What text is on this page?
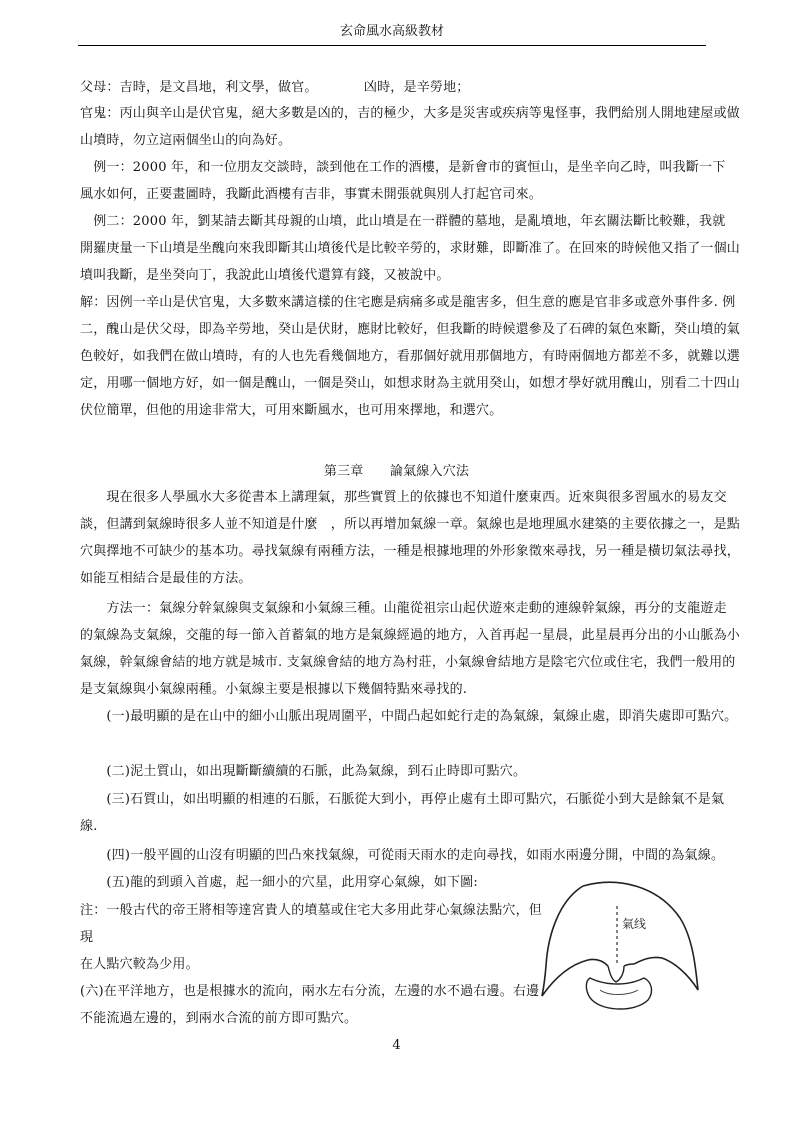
玄命風水高級教材
父母：吉時，是文昌地，利文學，做官。　　　　凶時，是辛勞地；
官鬼：丙山與辛山是伏官鬼，絕大多數是凶的，吉的極少，大多是災害或疾病等鬼怪事，我們給別人開地建屋或做
山墳時，勿立這兩個坐山的向為好。
　例一：2000 年，和一位朋友交談時，談到他在工作的酒樓，是新會市的賓恒山，是坐辛向乙時，叫我斷一下
風水如何，正要畫圖時，我斷此酒樓有吉非，事實未開張就與別人打起官司來。
　例二：2000 年，劉某請去斷其母親的山墳，此山墳是在一群體的墓地，是亂墳地，年玄關法斷比較難，我就
開羅庚量一下山墳是坐醜向來我即斷其山墳後代是比較辛勞的，求財難，即斷准了。在回來的時候他又指了一個山
墳叫我斷，是坐癸向丁，我說此山墳後代還算有錢，又被說中。
解：因例一辛山是伏官鬼，大多數來講這樣的住宅應是病痛多或是龍害多，但生意的應是官非多或意外事件多. 例
二，醜山是伏父母，即為辛勞地，癸山是伏財，應財比較好，但我斷的時候還參及了石碑的氣色來斷，癸山墳的氣
色較好，如我們在做山墳時，有的人也先看幾個地方，看那個好就用那個地方，有時兩個地方都差不多，就難以選
定，用哪一個地方好，如一個是醜山，一個是癸山，如想求財為主就用癸山，如想才學好就用醜山，別看二十四山
伏位簡單，但他的用途非常大，可用來斷風水，也可用來擇地，和選穴。
第三章　　論氣線入穴法
　　現在很多人學風水大多從書本上講理氣，那些實質上的依據也不知道什麼東西。近來與很多習風水的易友交
談，但講到氣線時很多人並不知道是什麼　，所以再增加氣線一章。氣線也是地理風水建築的主要依據之一，是點
穴與擇地不可缺少的基本功。尋找氣線有兩種方法，一種是根據地理的外形象徵來尋找，另一種是橫切氣法尋找，
如能互相結合是最佳的方法。
　　方法一：氣線分幹氣線與支氣線和小氣線三種。山龍從祖宗山起伏遊來走動的連線幹氣線，再分的支龍遊走
的氣線為支氣線，交龍的每一節入首蓄氣的地方是氣線經過的地方，入首再起一星晨，此星晨再分出的小山脈為小
氣線，幹氣線會結的地方就是城市. 支氣線會結的地方為村莊，小氣線會結地方是陰宅穴位或住宅，我們一般用的
是支氣線與小氣線兩種。小氣線主要是根據以下幾個特點來尋找的.
　　(一)最明顯的是在山中的細小山脈出現周圍平，中間凸起如蛇行走的為氣線，氣線止處，即消失處即可點穴。
　　(二)泥土質山，如出現斷斷續續的石脈，此為氣線，到石止時即可點穴。
　　(三)石質山，如出明顯的相連的石脈，石脈從大到小，再停止處有土即可點穴，石脈從小到大是餘氣不是氣
線.
　　(四)一般平圓的山沒有明顯的凹凸來找氣線，可從雨天雨水的走向尋找，如雨水兩邊分開，中間的為氣線。
　　(五)龍的到頭入首處，起一細小的穴星，此用穿心氣線，如下圖:
注：一般古代的帝王將相等達宮貴人的墳墓或住宅大多用此芽心氣線法點穴，但
現
在人點穴較為少用。
(六)在平洋地方，也是根據水的流向，兩水左右分流，左邊的水不過右邊。右邊
不能流過左邊的，到兩水合流的前方即可點穴。
氣线
4
